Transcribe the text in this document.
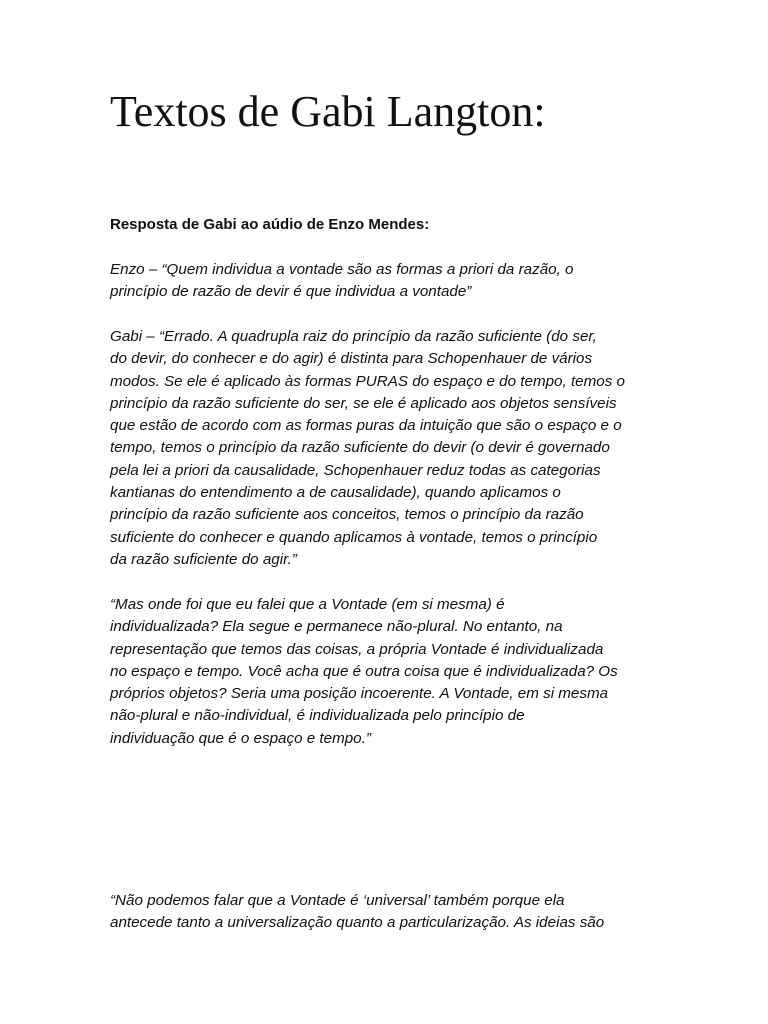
Textos de Gabi Langton:
Resposta de Gabi ao aúdio de Enzo Mendes:

Enzo – “Quem individua a vontade são as formas a priori da razão, o
princípio de razão de devir é que individua a vontade”

Gabi – “Errado. A quadrupla raiz do princípio da razão suficiente (do ser,
do devir, do conhecer e do agir) é distinta para Schopenhauer de vários
modos. Se ele é aplicado às formas PURAS do espaço e do tempo, temos o
princípio da razão suficiente do ser, se ele é aplicado aos objetos sensíveis
que estão de acordo com as formas puras da intuição que são o espaço e o
tempo, temos o princípio da razão suficiente do devir (o devir é governado
pela lei a priori da causalidade, Schopenhauer reduz todas as categorias
kantianas do entendimento a de causalidade), quando aplicamos o
princípio da razão suficiente aos conceitos, temos o princípio da razão
suficiente do conhecer e quando aplicamos à vontade, temos o princípio
da razão suficiente do agir.”

“Mas onde foi que eu falei que a Vontade (em si mesma) é
individualizada? Ela segue e permanece não-plural. No entanto, na
representação que temos das coisas, a própria Vontade é individualizada
no espaço e tempo. Você acha que é outra coisa que é individualizada? Os
próprios objetos? Seria uma posição incoerente. A Vontade, em si mesma
não-plural e não-individual, é individualizada pelo princípio de
individuação que é o espaço e tempo.”

“Não podemos falar que a Vontade é ‘universal’ também porque ela
antecede tanto a universalização quanto a particularização. As ideias são
